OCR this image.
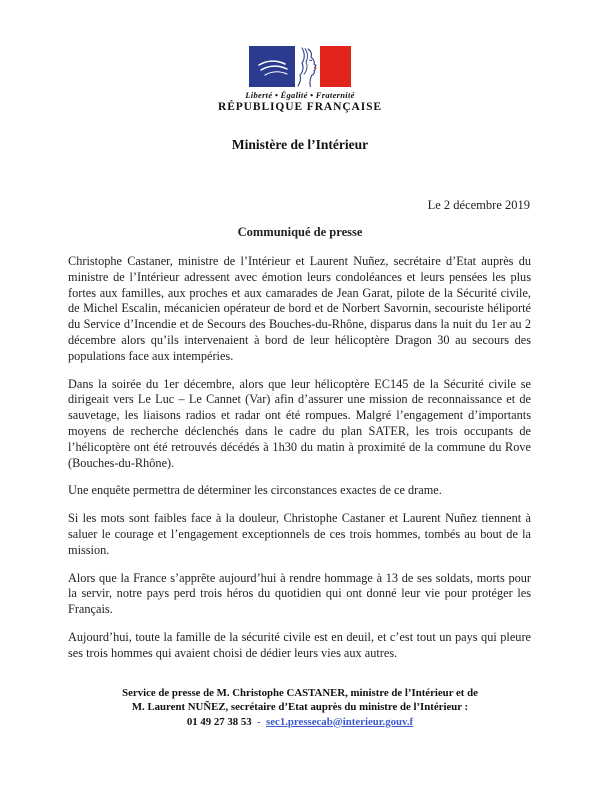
Liberté • Égalité • Fraternité
RÉPUBLIQUE FRANÇAISE
Ministère de l’Intérieur
Le 2 décembre 2019
Communiqué de presse

Christophe Castaner, ministre de l’Intérieur et Laurent Nuñez, secrétaire d’Etat auprès du ministre de l’Intérieur adressent avec émotion leurs condoléances et leurs pensées les plus fortes aux familles, aux proches et aux camarades de Jean Garat, pilote de la Sécurité civile, de Michel Escalin, mécanicien opérateur de bord et de Norbert Savornin, secouriste héliporté du Service d’Incendie et de Secours des Bouches-du-Rhône, disparus dans la nuit du 1er au 2 décembre alors qu’ils intervenaient à bord de leur hélicoptère Dragon 30 au secours des populations face aux intempéries.

Dans la soirée du 1er décembre, alors que leur hélicoptère EC145 de la Sécurité civile se dirigeait vers Le Luc – Le Cannet (Var) afin d’assurer une mission de reconnaissance et de sauvetage, les liaisons radios et radar ont été rompues. Malgré l’engagement d’importants moyens de recherche déclenchés dans le cadre du plan SATER, les trois occupants de l’hélicoptère ont été retrouvés décédés à 1h30 du matin à proximité de la commune du Rove (Bouches-du-Rhône).

Une enquête permettra de déterminer les circonstances exactes de ce drame.

Si les mots sont faibles face à la douleur, Christophe Castaner et Laurent Nuñez tiennent à saluer le courage et l’engagement exceptionnels de ces trois hommes, tombés au bout de la mission.

Alors que la France s’apprête aujourd’hui à rendre hommage à 13 de ses soldats, morts pour la servir, notre pays perd trois héros du quotidien qui ont donné leur vie pour protéger les Français.

Aujourd’hui, toute la famille de la sécurité civile est en deuil, et c’est tout un pays qui pleure ses trois hommes qui avaient choisi de dédier leurs vies aux autres.

Service de presse de M. Christophe CASTANER, ministre de l’Intérieur et de
M. Laurent NUÑEZ, secrétaire d’Etat auprès du ministre de l’Intérieur :
01 49 27 38 53  -  sec1.pressecab@interieur.gouv.f
